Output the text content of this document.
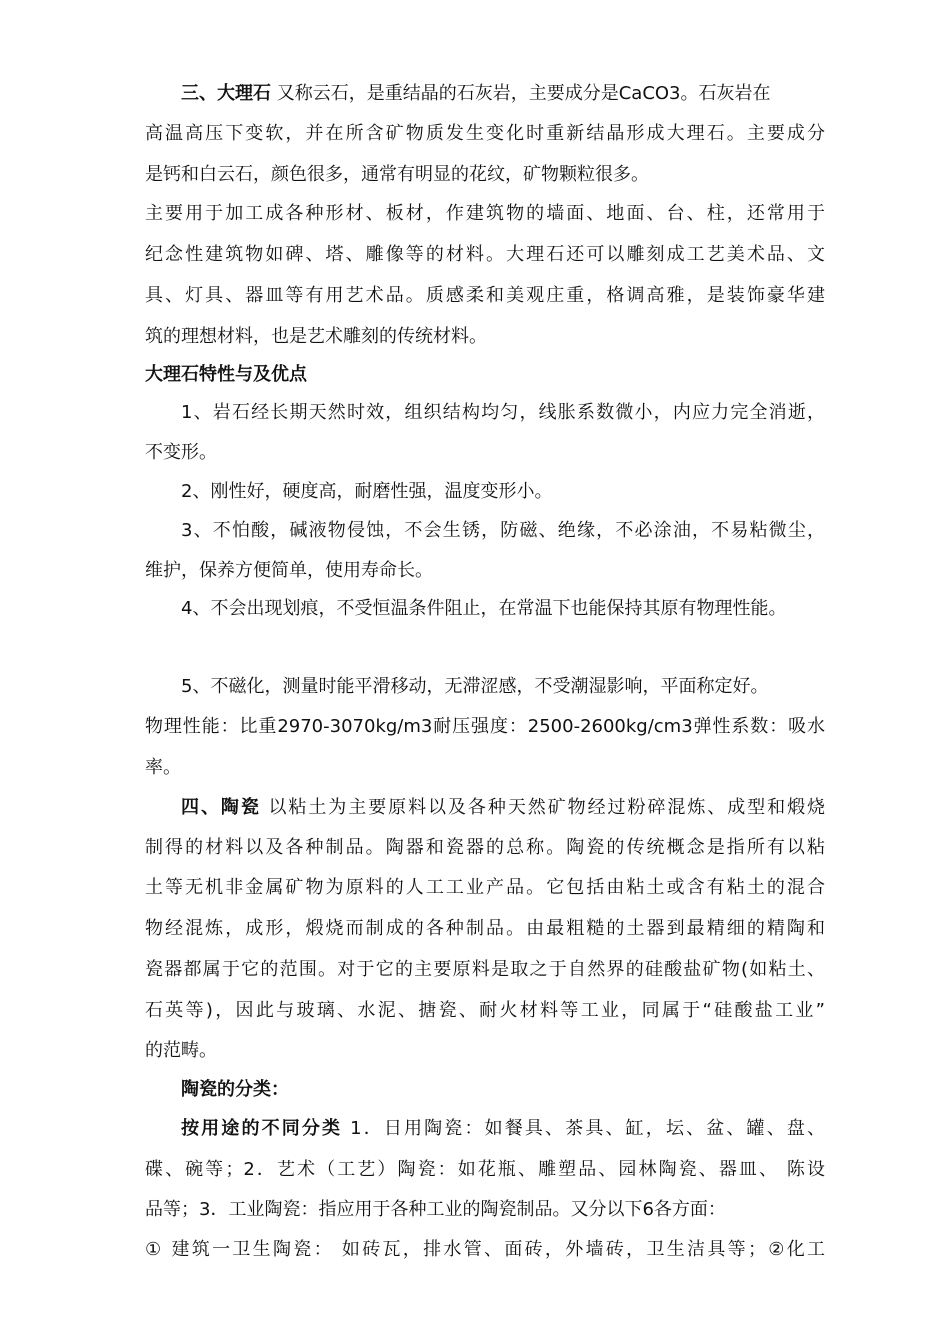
三、大理石 又称云石，是重结晶的石灰岩，主要成分是CaCO3。石灰岩在
高温高压下变软，并在所含矿物质发生变化时重新结晶形成大理石。主要成分
是钙和白云石，颜色很多，通常有明显的花纹，矿物颗粒很多。
主要用于加工成各种形材、板材，作建筑物的墙面、地面、台、柱，还常用于
纪念性建筑物如碑、塔、雕像等的材料。大理石还可以雕刻成工艺美术品、文
具、灯具、器皿等有用艺术品。质感柔和美观庄重，格调高雅，是装饰豪华建
筑的理想材料，也是艺术雕刻的传统材料。
大理石特性与及优点
1、岩石经长期天然时效，组织结构均匀，线胀系数微小，内应力完全消逝，
不变形。
2、刚性好，硬度高，耐磨性强，温度变形小。
3、不怕酸，碱液物侵蚀，不会生锈，防磁、绝缘，不必涂油，不易粘微尘，
维护，保养方便简单，使用寿命长。
4、不会出现划痕，不受恒温条件阻止，在常温下也能保持其原有物理性能。
5、不磁化，测量时能平滑移动，无滞涩感，不受潮湿影响，平面称定好。
物理性能：比重2970-3070kg/m3耐压强度：2500-2600kg/cm3弹性系数：吸水
率。
四、陶瓷 以粘土为主要原料以及各种天然矿物经过粉碎混炼、成型和煅烧
制得的材料以及各种制品。陶器和瓷器的总称。陶瓷的传统概念是指所有以粘
土等无机非金属矿物为原料的人工工业产品。它包括由粘土或含有粘土的混合
物经混炼，成形，煅烧而制成的各种制品。由最粗糙的土器到最精细的精陶和
瓷器都属于它的范围。对于它的主要原料是取之于自然界的硅酸盐矿物(如粘土、
石英等)，因此与玻璃、水泥、搪瓷、耐火材料等工业，同属于“硅酸盐工业”
的范畴。
陶瓷的分类：
按用途的不同分类 1．日用陶瓷：如餐具、茶具、缸，坛、盆、罐、盘、
碟、碗等；2．艺术（工艺）陶瓷：如花瓶、雕塑品、园林陶瓷、器皿、 陈设
品等；3．工业陶瓷：指应用于各种工业的陶瓷制品。又分以下6各方面：
① 建筑一卫生陶瓷： 如砖瓦，排水管、面砖，外墙砖，卫生洁具等；②化工
